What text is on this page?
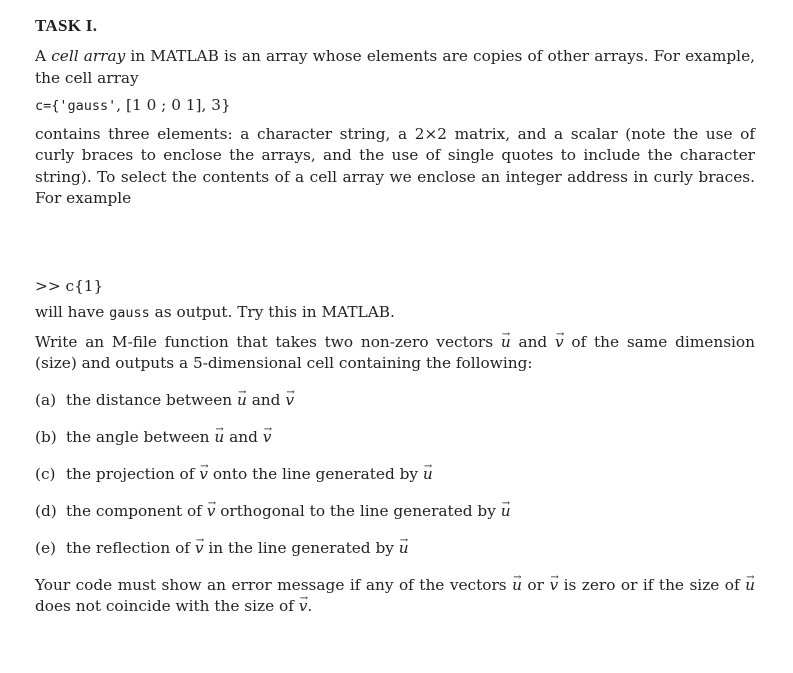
TASK I.

A cell array in MATLAB is an array whose elements are copies of other arrays. For example, the cell array

c={'gauss', [1 0 ; 0 1], 3}

contains three elements: a character string, a 2×2 matrix, and a scalar (note the use of curly braces to enclose the arrays, and the use of single quotes to include the character string). To select the contents of a cell array we enclose an integer address in curly braces. For example

>> c{1}

will have gauss as output. Try this in MATLAB.

Write an M-file function that takes two non-zero vectors → u and → v of the same dimension (size) and outputs a 5-dimensional cell containing the following:

(a) the distance between → u and → v
(b) the angle between → u and → v
(c) the projection of → v onto the line generated by → u
(d) the component of → v orthogonal to the line generated by → u
(e) the reflection of → v in the line generated by → u

Your code must show an error message if any of the vectors → u or → v is zero or if the size of → u does not coincide with the size of → v.
